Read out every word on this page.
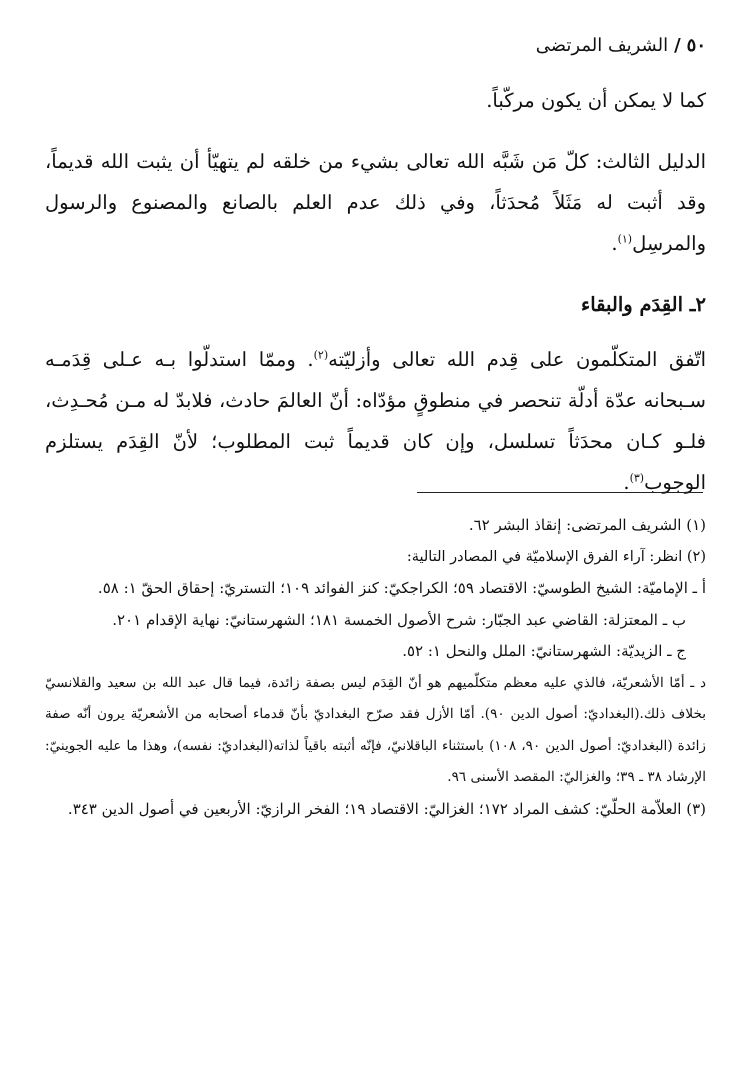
٥٠/الشريف المرتضى

كما لا يمكن أن يكون مركّباً.

الدليل الثالث: كلّ مَن شَبَّه الله تعالى بشيء من خلقه لم يتهيّأ أن يثبت الله قديماً، وقد أثبت له مَثَلاً مُحدَثاً، وفي ذلك عدم العلم بالصانع والمصنوع والرسول والمرسِل$^{(١)}$.

٢ـ القِدَم والبقاء

اتّفق المتكلّمون على قِدم الله تعالى وأزليّته$^{(٢)}$. وممّا استدلّوا بـه عـلى قِدَمـه سـبحانه عدّة أدلّة تنحصر في منطوقٍ مؤدّاه: أنّ العالمَ حادث، فلابدّ له مـن مُحـدِث، فلـو كـان محدَثاً تسلسل، وإن كان قديماً ثبت المطلوب؛ لأنّ القِدَم يستلزم الوجوب$^{(٣)}$.

(١) الشريف المرتضى: إنقاذ البشر ٦٢.

(٢) انظر: آراء الفرق الإسلاميّة في المصادر التالية:

أ ـ الإماميّة: الشيخ الطوسيّ: الاقتصاد ٥٩؛ الكراجكيّ: كنز الفوائد ١٠٩؛ التستريّ: إحقاق الحقّ ١: ٥٨.

ب ـ المعتزلة: القاضي عبد الجبّار: شرح الأصول الخمسة ١٨١؛ الشهرستانيّ: نهاية الإقدام ٢٠١.

ج ـ الزيديّة: الشهرستانيّ: الملل والنحل ١: ٥٢.

د ـ أمّا الأشعريّة، فالذي عليه معظم متكلّميهم هو أنّ القِدَم ليس بصفة زائدة، فيما قال عبد الله بن سعيد والقلانسيّ بخلاف ذلك.(البغداديّ: أصول الدين ٩٠). أمّا الأزل فقد صرّح البغداديّ بأنّ قدماء أصحابه من الأشعريّة يرون أنّه صفة زائدة (البغداديّ: أصول الدين ٩٠، ١٠٨) باستثناء الباقلانيّ، فإنّه أثبته باقياً لذاته(البغداديّ: نفسه)، وهذا ما عليه الجوينيّ: الإرشاد ٣٨ ـ ٣٩؛ والغزاليّ: المقصد الأسنى ٩٦.

(٣) العلاّمة الحلّيّ: كشف المراد ١٧٢؛ الغزاليّ: الاقتصاد ١٩؛ الفخر الرازيّ: الأربعين في أصول الدين ٣٤٣.
